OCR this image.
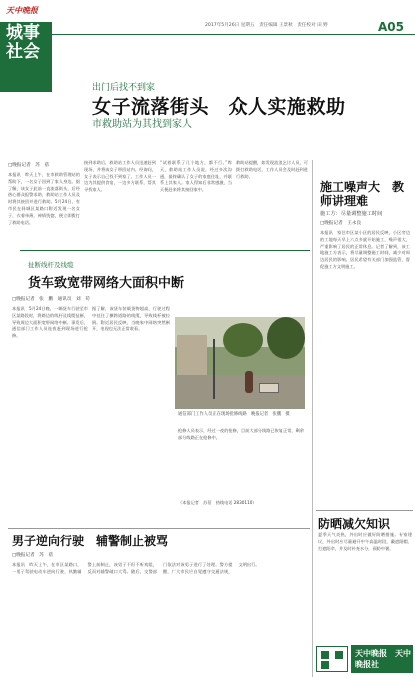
天中晚报
城事社会
2017年5月26日 星期五　责任编辑 王景秋　责任校对 田 野	A05
出门后找不到家
女子流落街头　众人实施救助
市救助站为其找到家人
□晚报记者　苏　蓓
本报讯　昨天上午，在市救助管理站的帮助下，一名女子回到了家人身边。据了解，该女子此前一直流落街头，后经热心群众报警求助，救助站工作人员及时将其接回并进行救助。5月24日，有市民在驿城区某路口附近发现一名女子，衣着单薄，神情恍惚，便立即拨打了救助电话。
接到求助后，救助站工作人员迅速赶到现场，并将该女子带回站内。经询问，女子表示自己找不到家了。工作人员一边为其提供食宿，一边多方联系，帮其寻找家人。
“试着联系了几个地方，都不行。”昨天，救助站工作人员说，经过多次沟通，最终确认了女子的家庭住址，并联系上其家人。家人得知后非常感激，当天便赶来将其接回家中。
救助站提醒，如发现流浪乞讨人员，可拨打救助电话，工作人员会及时赶到进行救助。
施工噪声大　教师讲理难
施工方：尽量调整施工时间
□晚报记者　王永良
本报讯　家住市区某小区的居民反映，小区旁边的工地每天早上六点多就开始施工，噪声很大，严重影响了居民的正常休息。记者了解到，该工地施工方表示，将尽量调整施工时间，减少对周边居民的影响。居民希望有关部门加强监管，督促施工方文明施工。
扯断线杆及线缆
货车致宽带网络大面积中断
□晚报记者　张　鹏　通讯员　刘　苟
本报讯　5月24日晚，一辆货车行驶至市区某路段时，将路边的线杆及线缆扯断，导致周边大面积宽带网络中断。事发后，通信部门工作人员连夜赶到现场进行抢修。
据了解，该货车装载货物超高，行驶过程中挂住了横跨道路的线缆，导致线杆被拉倒。附近居民反映，当晚家中网络突然断开，电视也无法正常收看。
通信部门工作人员正在现场抢修线路　晚报记者　张鹏　摄
抢修人员表示，经过一夜的抢修，目前大部分线路已恢复正常，剩余部分线路正在抢修中。
（本报记者　苏蓓　热线电话 2830110）
男子逆向行驶　辅警制止被骂
□晚报记者　苏　蓓
本报讯　昨天上午，在市区某路口，一男子驾驶电动车逆向行驶，执勤辅警上前制止，该男子不但不听劝阻，反而对辅警破口大骂。随后，交警部门依法对该男子进行了处理。警方提醒，广大市民应自觉遵守交通法规，文明出行。
防晒减欠知识
夏季天气炎热，外出时应做好防晒措施。专家建议，外出时应尽量避开中午高温时段，戴遮阳帽、打遮阳伞，并及时补充水分，预防中暑。
天中晚报　天中晚报社
